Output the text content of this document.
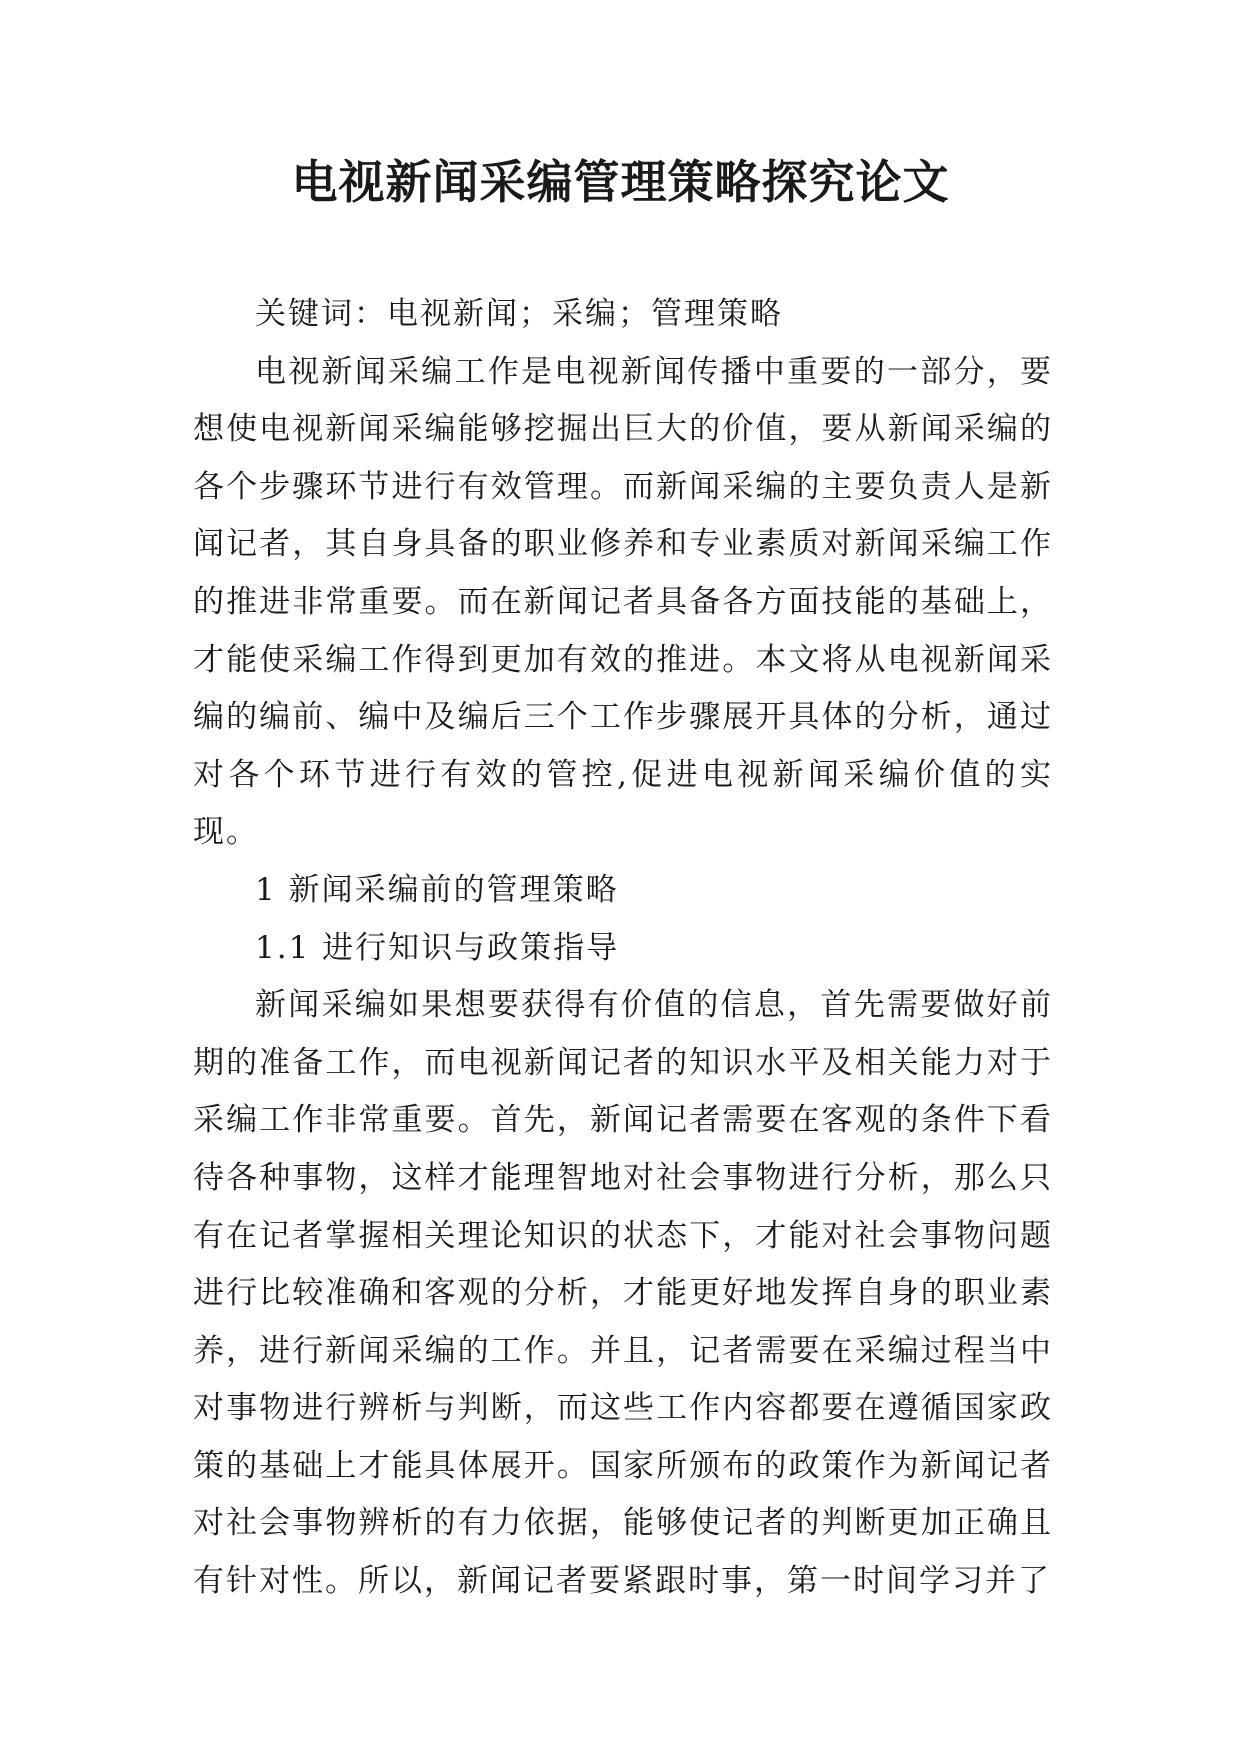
电视新闻采编管理策略探究论文

关键词：电视新闻；采编；管理策略

电视新闻采编工作是电视新闻传播中重要的一部分，要想使电视新闻采编能够挖掘出巨大的价值，要从新闻采编的各个步骤环节进行有效管理。而新闻采编的主要负责人是新闻记者，其自身具备的职业修养和专业素质对新闻采编工作的推进非常重要。而在新闻记者具备各方面技能的基础上，才能使采编工作得到更加有效的推进。本文将从电视新闻采编的编前、编中及编后三个工作步骤展开具体的分析，通过对各个环节进行有效的管控,促进电视新闻采编价值的实现。

1 新闻采编前的管理策略

1.1 进行知识与政策指导

新闻采编如果想要获得有价值的信息，首先需要做好前期的准备工作，而电视新闻记者的知识水平及相关能力对于采编工作非常重要。首先，新闻记者需要在客观的条件下看待各种事物，这样才能理智地对社会事物进行分析，那么只有在记者掌握相关理论知识的状态下，才能对社会事物问题进行比较准确和客观的分析，才能更好地发挥自身的职业素养，进行新闻采编的工作。并且，记者需要在采编过程当中对事物进行辨析与判断，而这些工作内容都要在遵循国家政策的基础上才能具体展开。国家所颁布的政策作为新闻记者对社会事物辨析的有力依据，能够使记者的判断更加正确且有针对性。所以，新闻记者要紧跟时事，第一时间学习并了
